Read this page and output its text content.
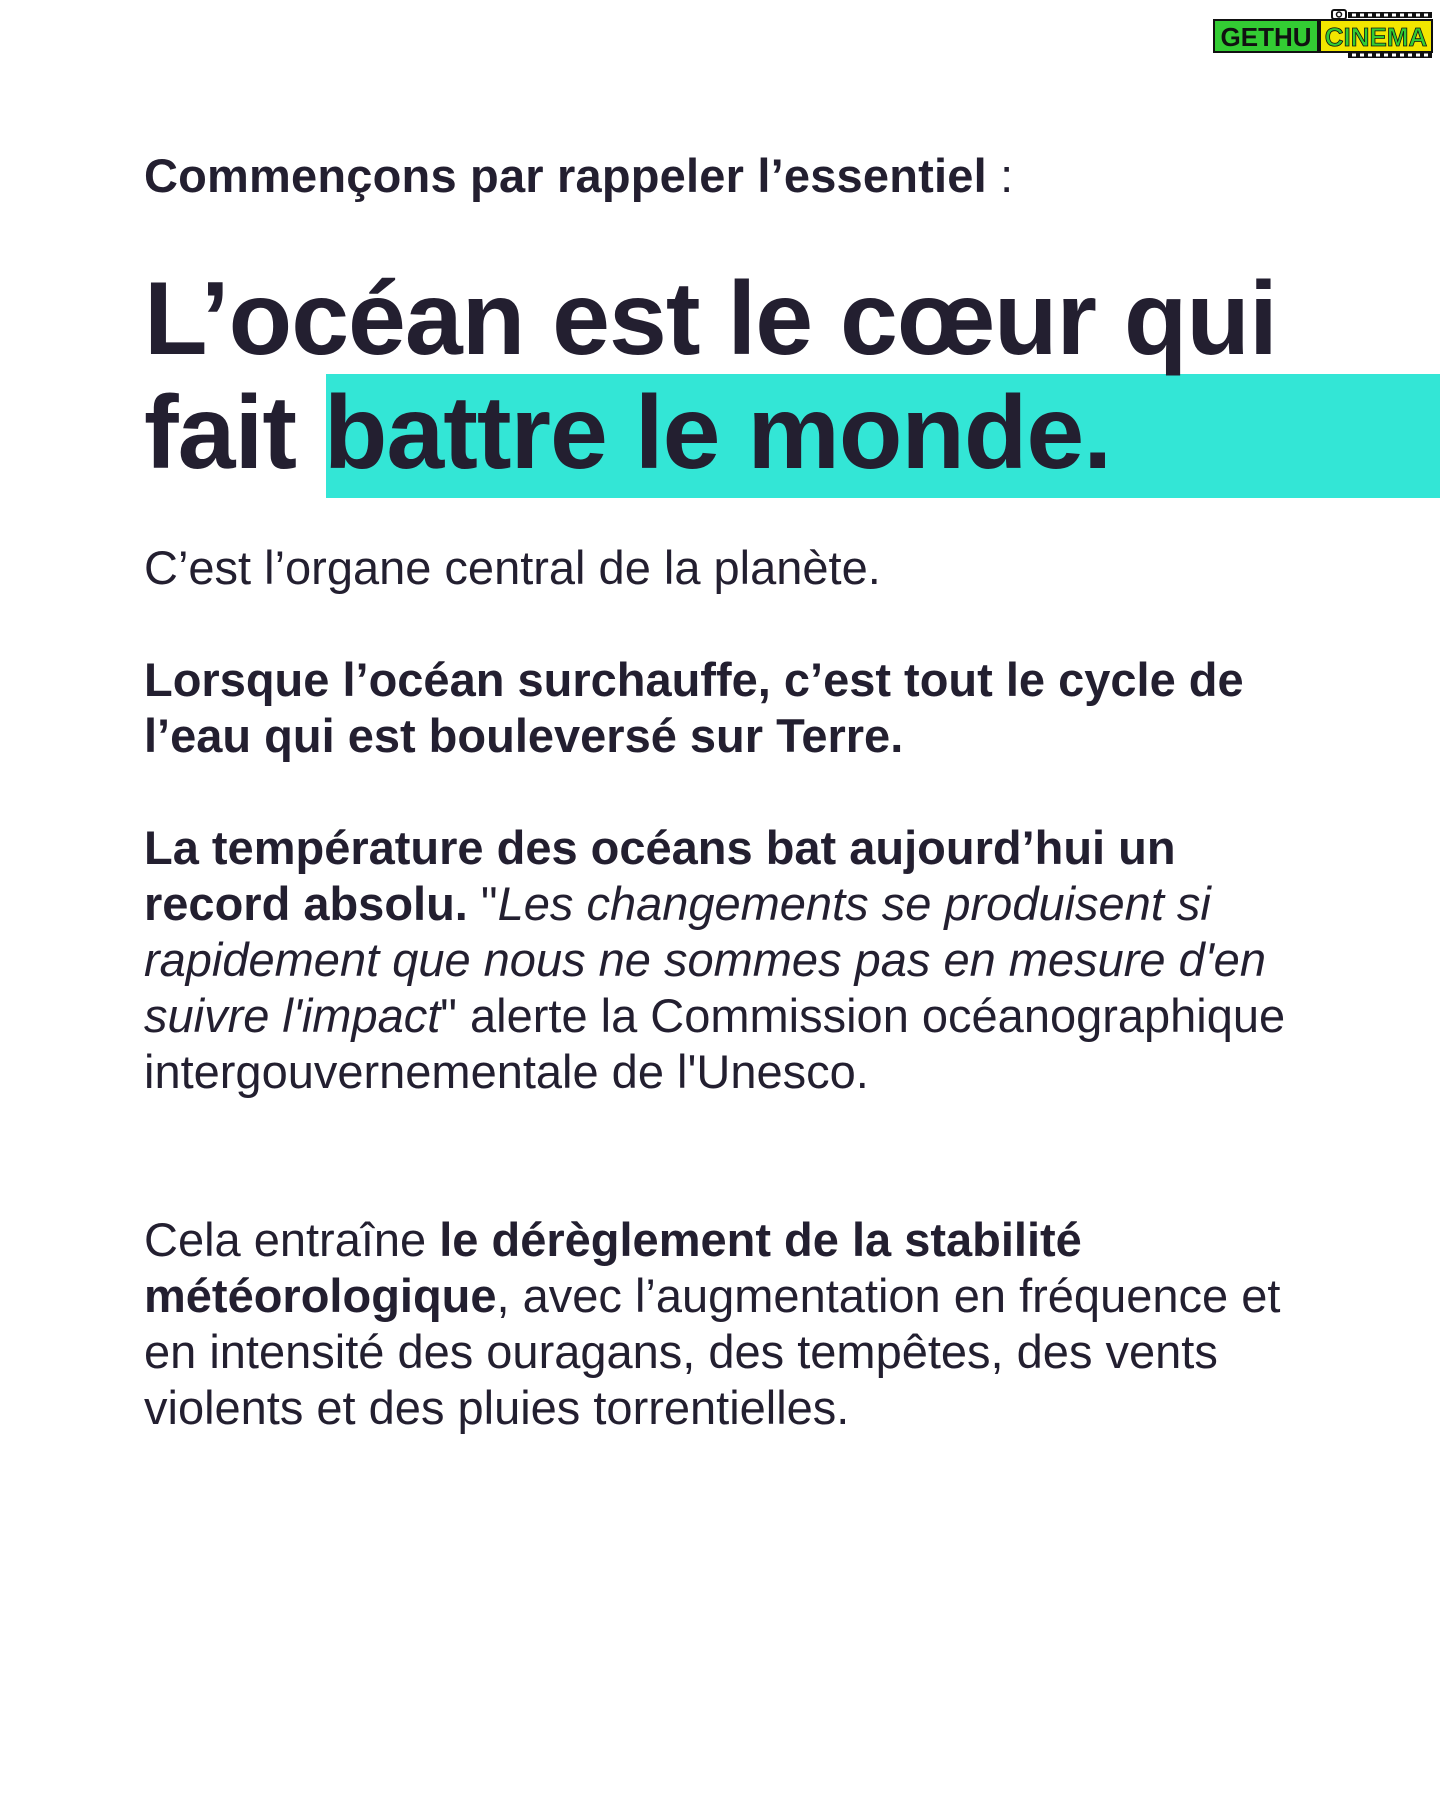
GETHU CINEMA

Commençons par rappeler l’essentiel :

L’océan est le cœur qui
fait battre le monde.

C’est l’organe central de la planète.

Lorsque l’océan surchauffe, c’est tout le cycle de l’eau qui est bouleversé sur Terre.

La température des océans bat aujourd’hui un record absolu. "Les changements se produisent si rapidement que nous ne sommes pas en mesure d'en suivre l'impact" alerte la Commission océanographique intergouvernementale de l'Unesco.

Cela entraîne le dérèglement de la stabilité météorologique, avec l’augmentation en fréquence et en intensité des ouragans, des tempêtes, des vents violents et des pluies torrentielles.
